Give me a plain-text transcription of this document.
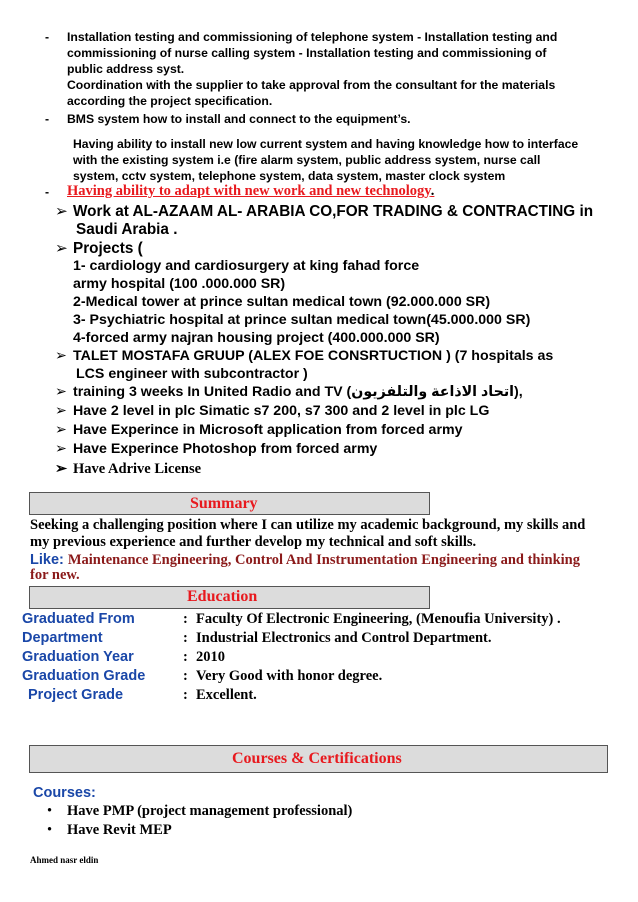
- Installation testing and commissioning of telephone system - Installation testing and
commissioning of nurse calling system - Installation testing and commissioning of
public address syst.
Coordination with the supplier to take approval from the consultant for the materials
according the project specification.
- BMS system how to install and connect to the equipment’s.
Having ability to install new low current system and having knowledge how to interface
with the existing system i.e (fire alarm system, public address system, nurse call
system, cctv system, telephone system, data system, master clock system
- Having ability to adapt with new work and new technology.
➢ Work at AL-AZAAM AL- ARABIA CO,FOR TRADING & CONTRACTING in
Saudi Arabia .
➢ Projects (
1- cardiology and cardiosurgery at king fahad force
army hospital (100 .000.000 SR)
2-Medical tower at prince sultan medical town (92.000.000 SR)
3- Psychiatric hospital at prince sultan medical town(45.000.000 SR)
4-forced army najran housing project (400.000.000 SR)
➢ TALET MOSTAFA GRUUP (ALEX FOE CONSRTUCTION ) (7 hospitals as
LCS engineer with subcontractor )
➢ training 3 weeks In United Radio and TV (اتحاد الاذاعة والتلفزيون),
➢ Have 2 level in plc Simatic s7 200, s7 300 and 2 level in plc LG
➢ Have Experince in Microsoft application from forced army
➢ Have Experince Photoshop from forced army
➢ Have Adrive License
Summary
Seeking a challenging position where I can utilize my academic background, my skills and
my previous experience and further develop my technical and soft skills.
Like: Maintenance Engineering, Control And Instrumentation Engineering and thinking
for new.
Education
Graduated From	: Faculty Of Electronic Engineering, (Menoufia University) .
Department	: Industrial Electronics and Control Department.
Graduation Year	: 2010
Graduation Grade	: Very Good with honor degree.
Project Grade	: Excellent.
Courses & Certifications
Courses:
• Have PMP (project management professional)
• Have Revit MEP
Ahmed nasr eldin
